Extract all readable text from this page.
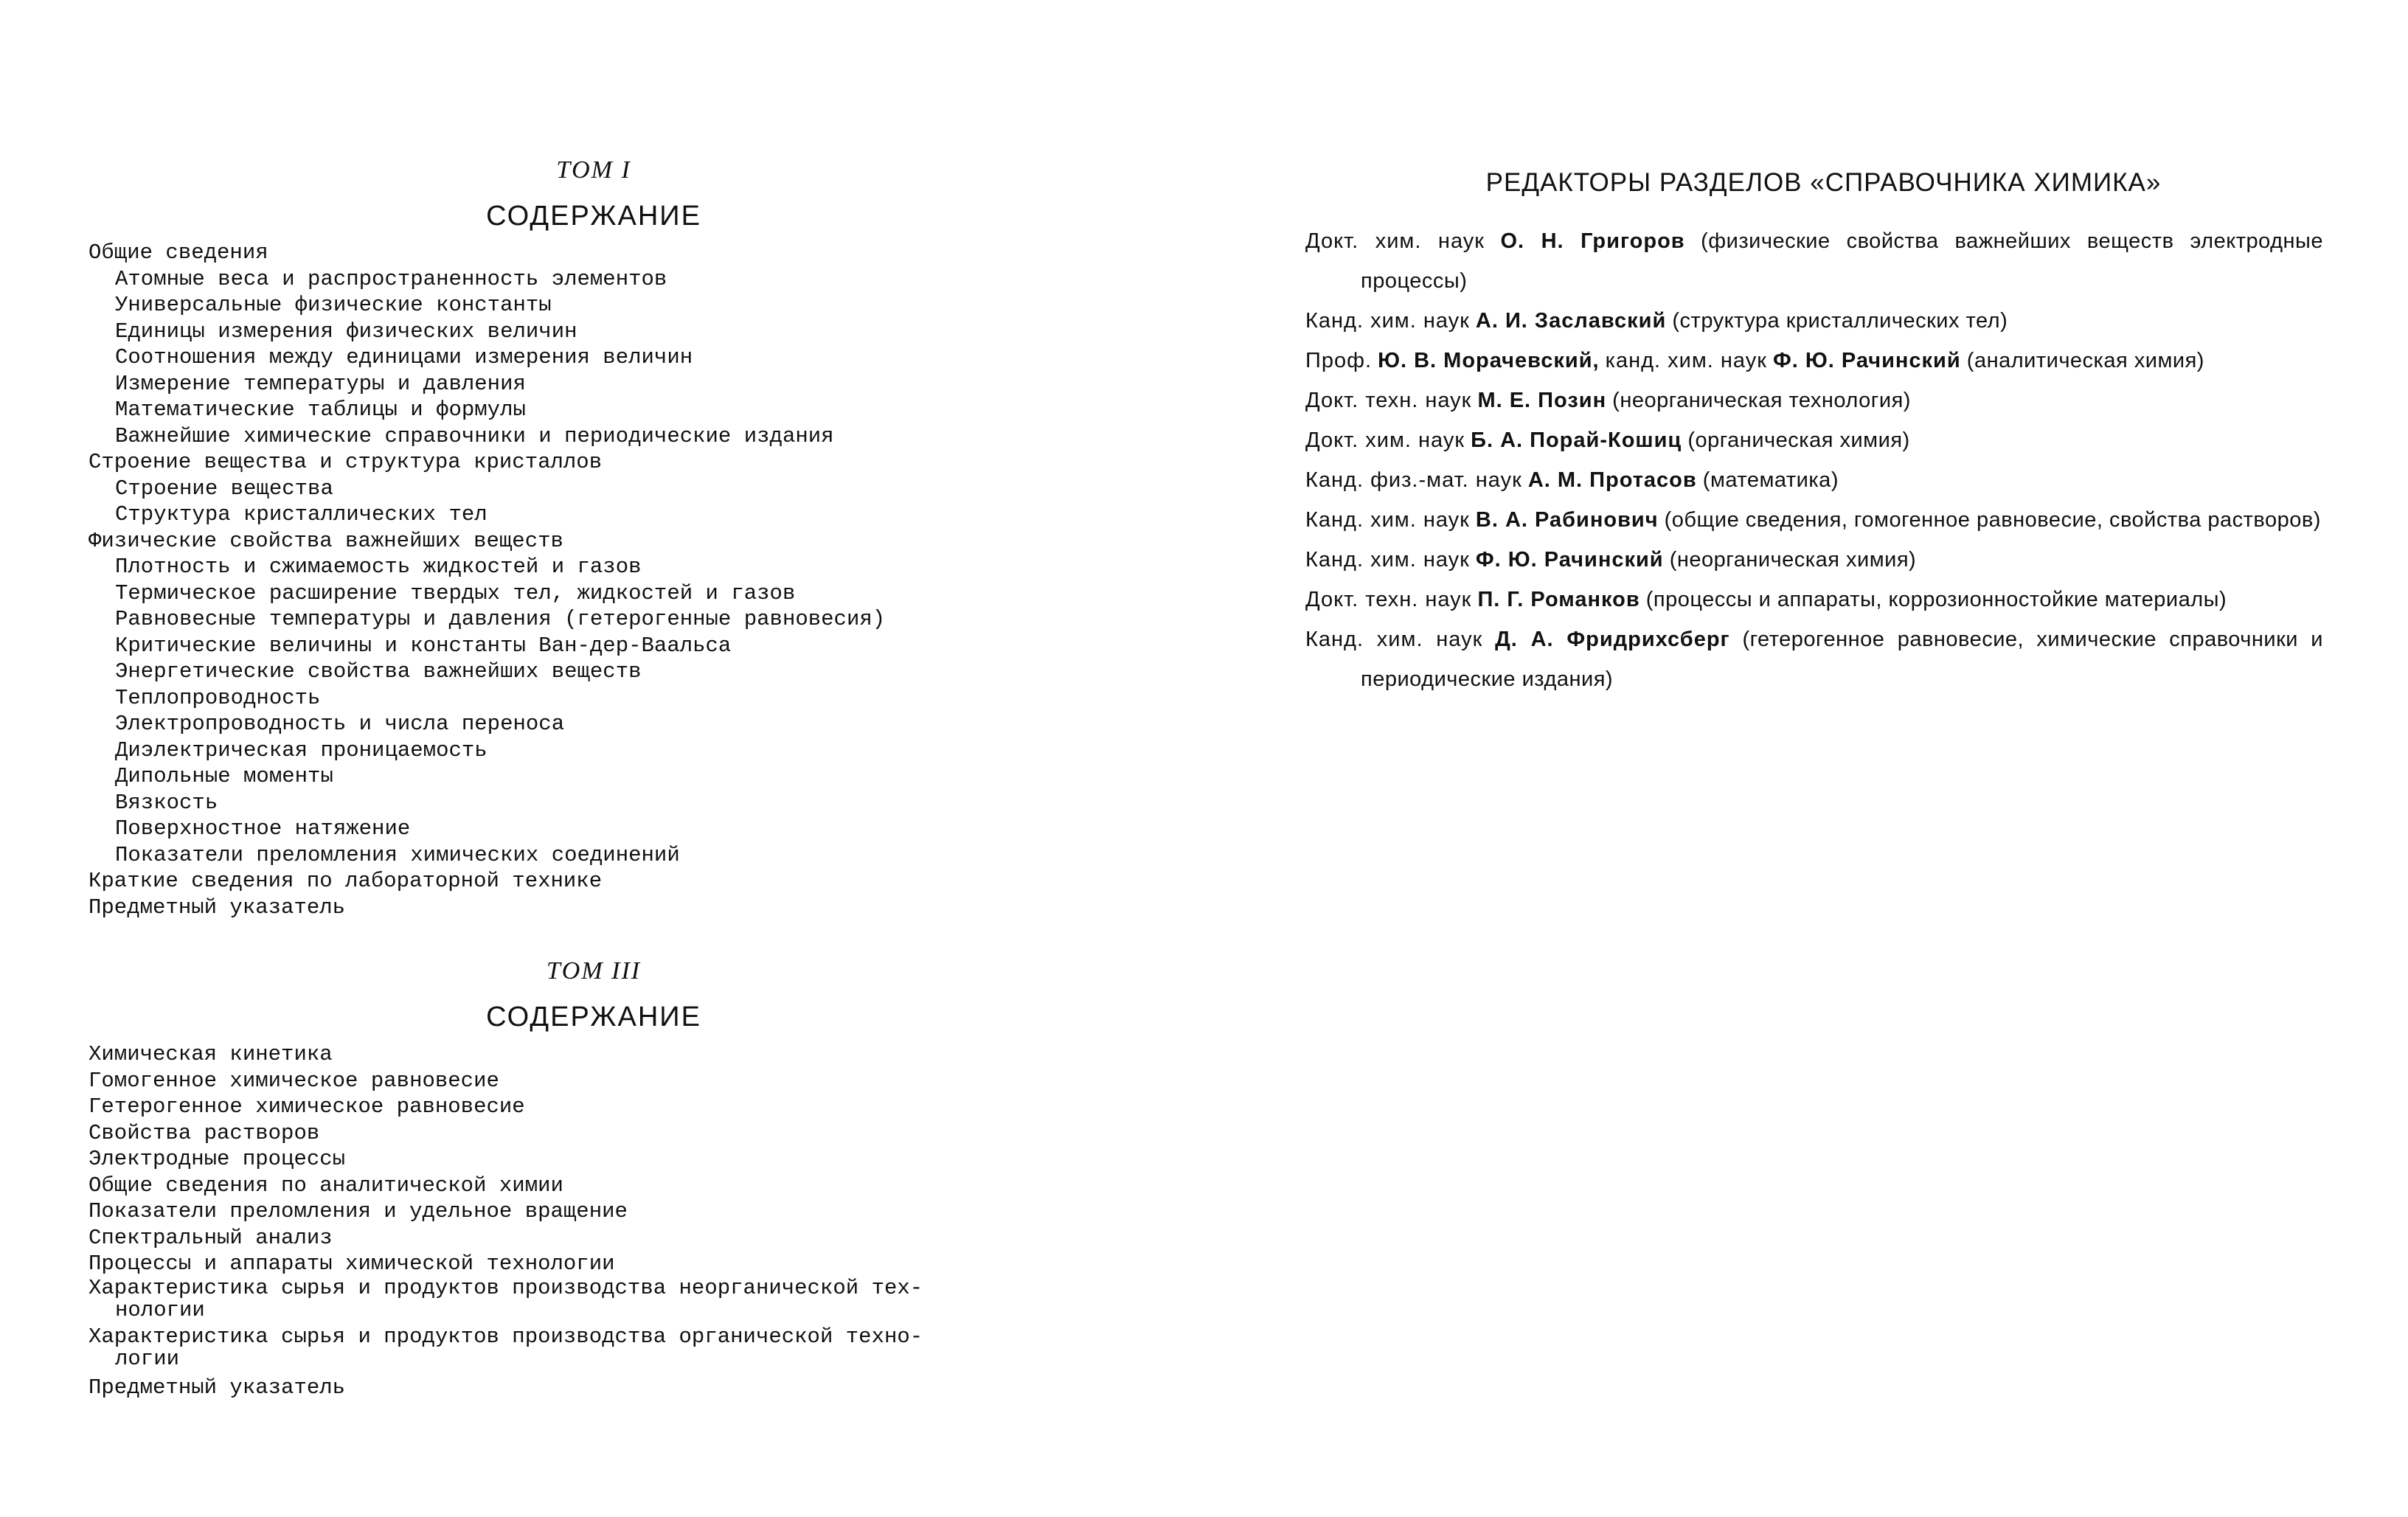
ТОМ I
СОДЕРЖАНИЕ
Общие сведения
Атомные веса и распространенность элементов
Универсальные физические константы
Единицы измерения физических величин
Соотношения между единицами измерения величин
Измерение температуры и давления
Математические таблицы и формулы
Важнейшие химические справочники и периодические издания
Строение вещества и структура кристаллов
Строение вещества
Структура кристаллических тел
Физические свойства важнейших веществ
Плотность и сжимаемость жидкостей и газов
Термическое расширение твердых тел, жидкостей и газов
Равновесные температуры и давления (гетерогенные равновесия)
Критические величины и константы Ван-дер-Ваальса
Энергетические свойства важнейших веществ
Теплопроводность
Электропроводность и числа переноса
Диэлектрическая проницаемость
Дипольные моменты
Вязкость
Поверхностное натяжение
Показатели преломления химических соединений
Краткие сведения по лабораторной технике
Предметный указатель
ТОМ III
СОДЕРЖАНИЕ
Химическая кинетика
Гомогенное химическое равновесие
Гетерогенное химическое равновесие
Свойства растворов
Электродные процессы
Общие сведения по аналитической химии
Показатели преломления и удельное вращение
Спектральный анализ
Процессы и аппараты химической технологии
Характеристика сырья и продуктов производства неорганической тех-
нологии
Характеристика сырья и продуктов производства органической техно-
логии
Предметный указатель
РЕДАКТОРЫ РАЗДЕЛОВ «СПРАВОЧНИКА ХИМИКА»
Докт. хим. наук О. Н. Григоров (физические свойства важнейших веществ электродные процессы)
Канд. хим. наук А. И. Заславский (структура кристаллических тел)
Проф. Ю. В. Морачевский, канд. хим. наук Ф. Ю. Рачинский (аналитическая химия)
Докт. техн. наук М. Е. Позин (неорганическая технология)
Докт. хим. наук Б. А. Порай-Кошиц (органическая химия)
Канд. физ.-мат. наук А. М. Протасов (математика)
Канд. хим. наук В. А. Рабинович (общие сведения, гомогенное равновесие, свойства растворов)
Канд. хим. наук Ф. Ю. Рачинский (неорганическая химия)
Докт. техн. наук П. Г. Романков (процессы и аппараты, коррозионностойкие материалы)
Канд. хим. наук Д. А. Фридрихсберг (гетерогенное равновесие, химические справочники и периодические издания)
